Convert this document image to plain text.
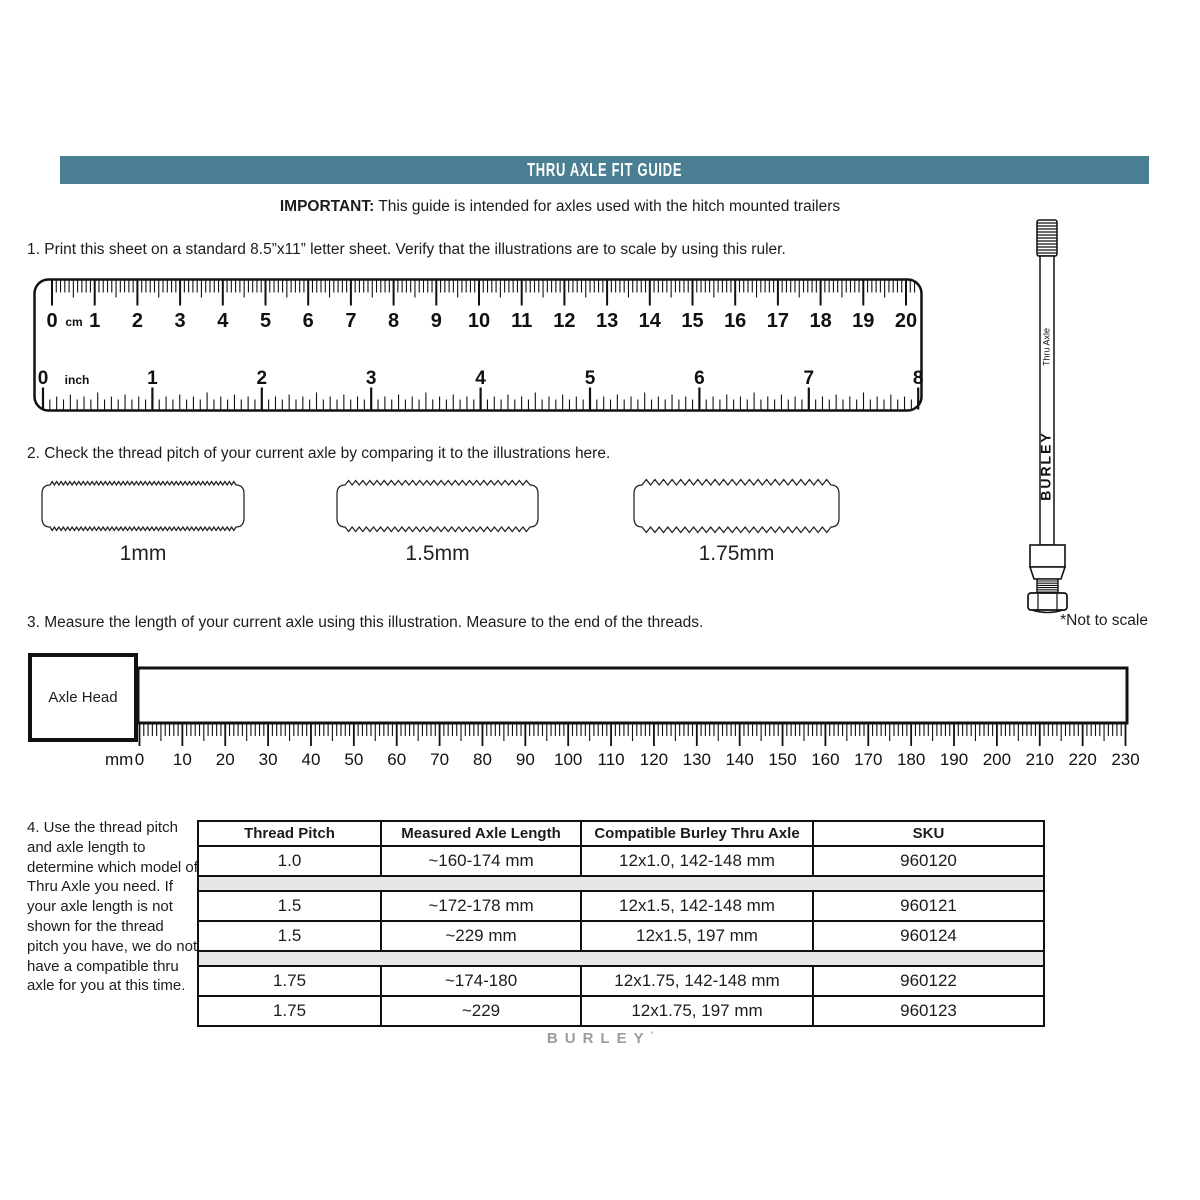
THRU AXLE FIT GUIDE
IMPORTANT: This guide is intended for axles used with the hitch mounted trailers
1. Print this sheet on a standard 8.5”x11” letter sheet. Verify that the illustrations are to scale by using this ruler.
0 1 2 3 4 5 6 7 8 9 10 11 12 13 14 15 16 17 18 19 20
cm
0	1	2	3	4	5	6	7	8
inch
Thru Axle
BURLEY
*Not to scale
2. Check the thread pitch of your current axle by comparing it to the illustrations here.
1mm	1.5mm	1.75mm
3. Measure the length of your current axle using this illustration. Measure to the end of the threads.
Axle Head
0 10 20 30 40 50 60 70 80 90 100 110 120 130 140 150 160 170 180 190 200 210 220 230
mm
4. Use the thread pitch and axle length to determine which model of Thru Axle you need. If your axle length is not shown for the thread pitch you have, we do not have a compatible thru axle for you at this time.
Thread Pitch	Measured Axle Length	Compatible Burley Thru Axle	SKU
1.0	~160-174 mm	12x1.0, 142-148 mm	960120

1.5	~172-178 mm	12x1.5, 142-148 mm	960121
1.5	~229 mm	12x1.5, 197 mm	960124

1.75	~174-180	12x1.75, 142-148 mm	960122
1.75	~229	12x1.75, 197 mm	960123
BURLEY’
